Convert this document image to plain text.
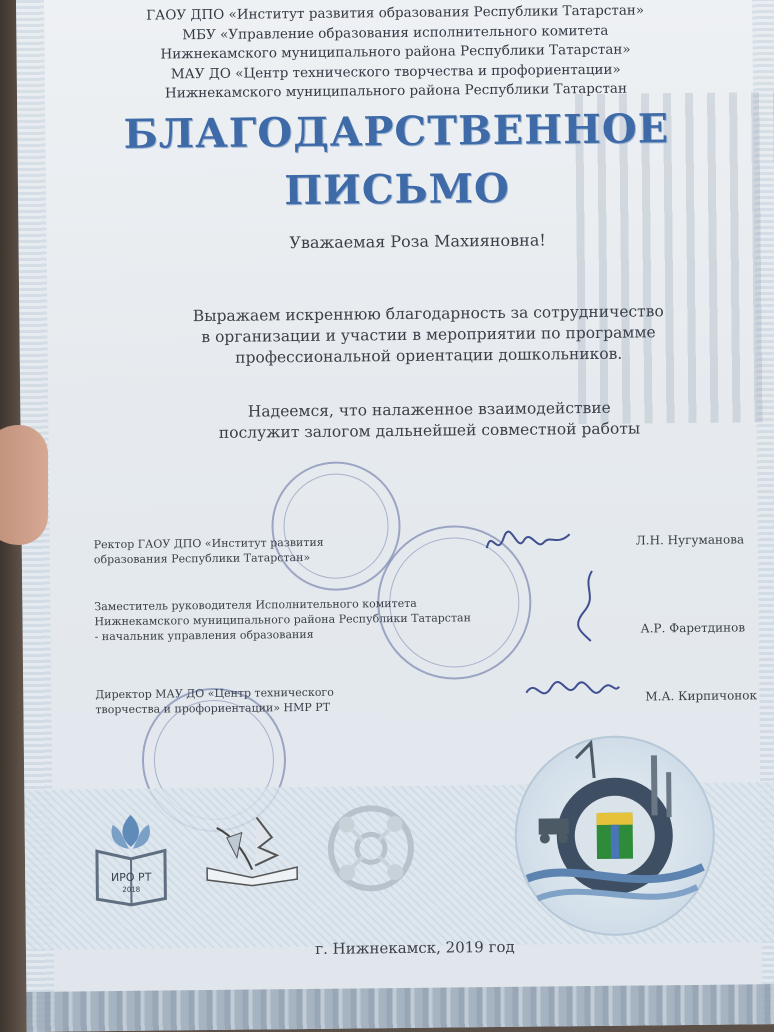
ГАОУ ДПО «Институт развития образования Республики Татарстан»
МБУ «Управление образования исполнительного комитета
Нижнекамского муниципального района Республики Татарстан»
МАУ ДО «Центр технического творчества и профориентации»
Нижнекамского муниципального района Республики Татарстан
БЛАГОДАРСТВЕННОЕ
ПИСЬМО
Уважаемая Роза Махияновна!
Выражаем искреннюю благодарность за сотрудничество
в организации и участии в мероприятии по программе
профессиональной ориентации дошкольников.
Надеемся, что налаженное взаимодействие
послужит залогом дальнейшей совместной работы
Ректор ГАОУ ДПО «Институт развития
образования Республики Татарстан»
Л.Н. Нугуманова
Заместитель руководителя Исполнительного комитета
Нижнекамского муниципального района Республики Татарстан
- начальник управления образования	А.Р. Фаретдинов
Директор МАУ ДО «Центр технического
творчества и профориентации» НМР РТ
М.А. Кирпичонок
ИРО РТ
2018
г. Нижнекамск, 2019 год
